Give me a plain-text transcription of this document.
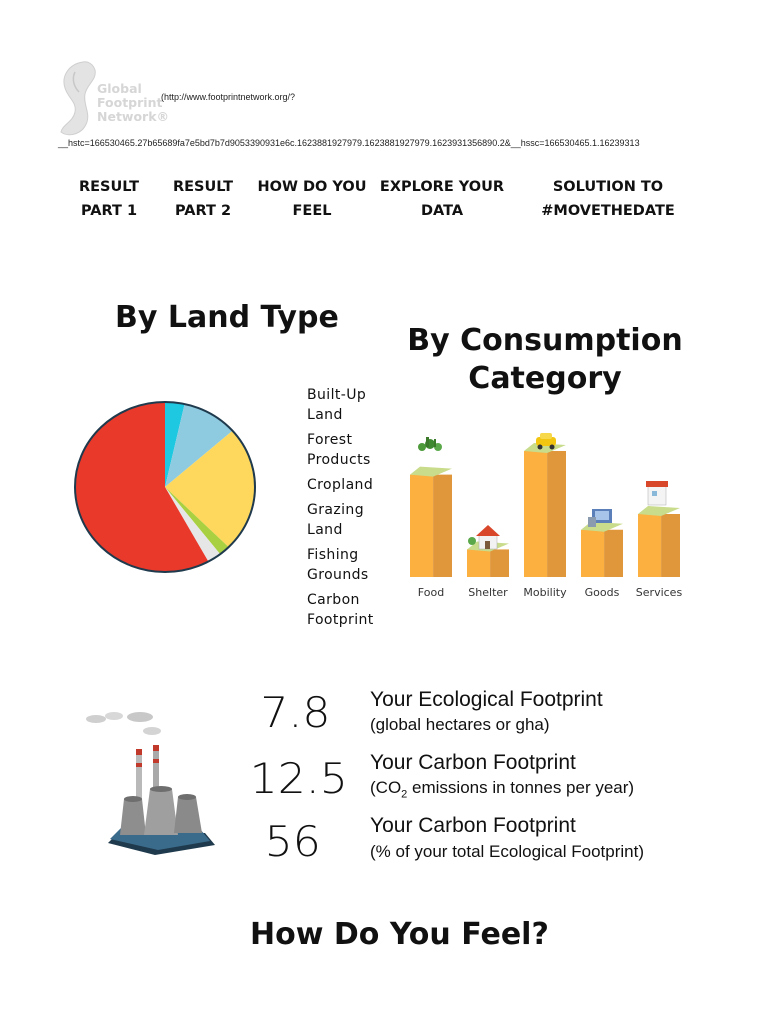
Global
Footprint
Network®
(http://www.footprintnetwork.org/?
__hstc=166530465.27b65689fa7e5bd7b7d9053390931e6c.1623881927979.1623881927979.1623931356890.2&__hssc=166530465.1.16239313
RESULT
PART 1
RESULT
PART 2
HOW DO YOU
FEEL
EXPLORE YOUR
DATA
SOLUTION TO
#MOVETHEDATE
By Land Type
By Consumption
Category
Built-Up
Land
Forest
Products
Cropland
Grazing
Land
Fishing
Grounds
Carbon
Footprint
Food Shelter Mobility Goods Services
7.8 Your Ecological Footprint
(global hectares or gha)
12.5 Your Carbon Footprint
($CO_2$ emissions in tonnes per year)
56 Your Carbon Footprint
(% of your total Ecological Footprint)
How Do You Feel?
